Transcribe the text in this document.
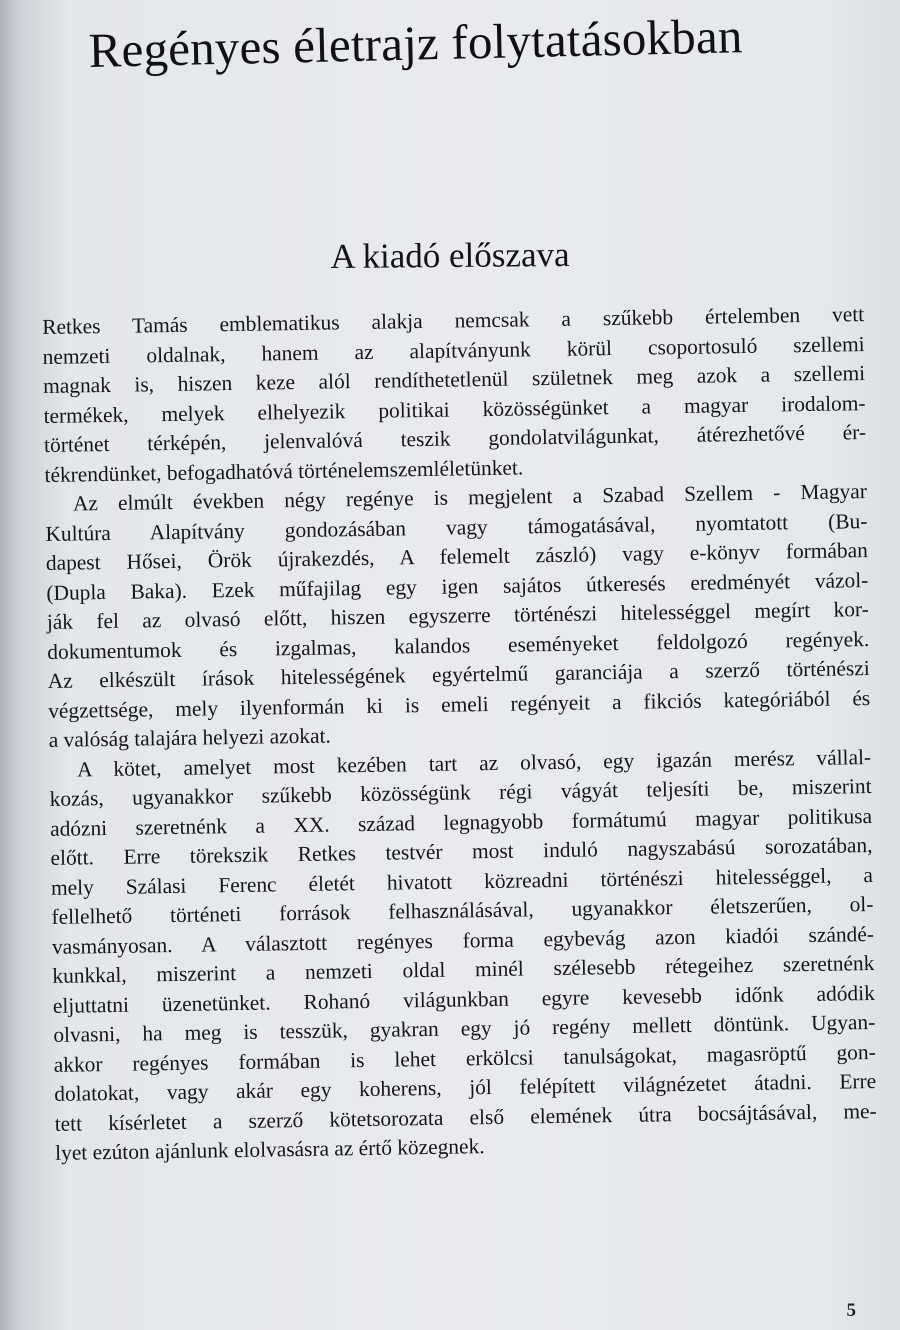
Regényes életrajz folytatásokban
A kiadó előszava
Retkes Tamás emblematikus alakja nemcsak a szűkebb értelemben vett
nemzeti oldalnak, hanem az alapítványunk körül csoportosuló szellemi
magnak is, hiszen keze alól rendíthetetlenül születnek meg azok a szellemi
termékek, melyek elhelyezik politikai közösségünket a magyar irodalom-
történet térképén, jelenvalóvá teszik gondolatvilágunkat, átérezhetővé ér-
tékrendünket, befogadhatóvá történelemszemléletünket.
Az elmúlt években négy regénye is megjelent a Szabad Szellem - Magyar
Kultúra Alapítvány gondozásában vagy támogatásával, nyomtatott (Bu-
dapest Hősei, Örök újrakezdés, A felemelt zászló) vagy e-könyv formában
(Dupla Baka). Ezek műfajilag egy igen sajátos útkeresés eredményét vázol-
ják fel az olvasó előtt, hiszen egyszerre történészi hitelességgel megírt kor-
dokumentumok és izgalmas, kalandos eseményeket feldolgozó regények.
Az elkészült írások hitelességének egyértelmű garanciája a szerző történészi
végzettsége, mely ilyenformán ki is emeli regényeit a fikciós kategóriából és
a valóság talajára helyezi azokat.
A kötet, amelyet most kezében tart az olvasó, egy igazán merész vállal-
kozás, ugyanakkor szűkebb közösségünk régi vágyát teljesíti be, miszerint
adózni szeretnénk a XX. század legnagyobb formátumú magyar politikusa
előtt. Erre törekszik Retkes testvér most induló nagyszabású sorozatában,
mely Szálasi Ferenc életét hivatott közreadni történészi hitelességgel, a
fellelhető történeti források felhasználásával, ugyanakkor életszerűen, ol-
vasmányosan. A választott regényes forma egybevág azon kiadói szándé-
kunkkal, miszerint a nemzeti oldal minél szélesebb rétegeihez szeretnénk
eljuttatni üzenetünket. Rohanó világunkban egyre kevesebb időnk adódik
olvasni, ha meg is tesszük, gyakran egy jó regény mellett döntünk. Ugyan-
akkor regényes formában is lehet erkölcsi tanulságokat, magasröptű gon-
dolatokat, vagy akár egy koherens, jól felépített világnézetet átadni. Erre
tett kísérletet a szerző kötetsorozata első elemének útra bocsájtásával, me-
lyet ezúton ajánlunk elolvasásra az értő közegnek.
5
